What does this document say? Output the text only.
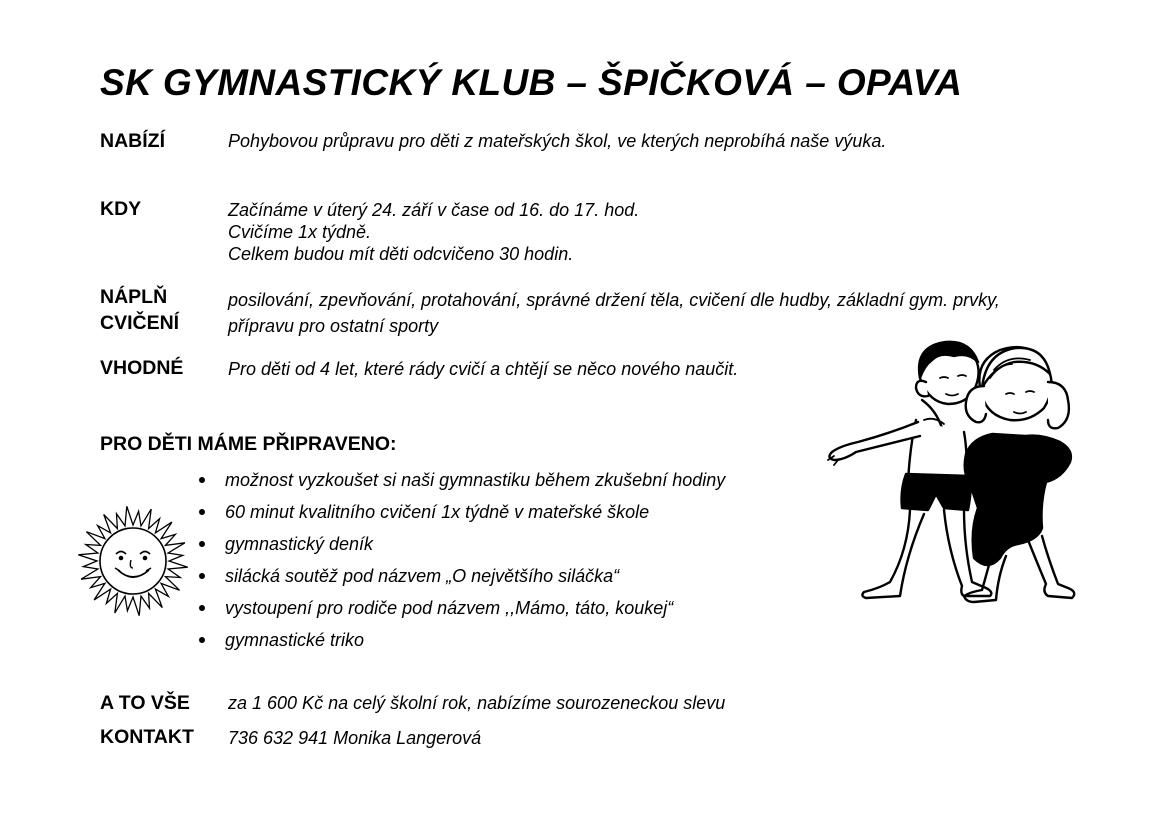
SK GYMNASTICKÝ KLUB – ŠPIČKOVÁ – OPAVA
NABÍZÍ	Pohybovou průpravu pro děti z mateřských škol, ve kterých neprobíhá naše výuka.
KDY	Začínáme v úterý 24. září v čase od 16. do 17. hod.
Cvičíme 1x týdně.
Celkem budou mít děti odcvičeno 30 hodin.
NÁPLŇ
CVIČENÍ
posilování, zpevňování, protahování, správné držení těla, cvičení dle hudby, základní gym. prvky,
přípravu pro ostatní sporty
VHODNÉ Pro děti od 4 let, které rády cvičí a chtějí se něco nového naučit.
PRO DĚTI MÁME PŘIPRAVENO:
možnost vyzkoušet si naši gymnastiku během zkušební hodiny
60 minut kvalitního cvičení 1x týdně v mateřské škole
gymnastický deník
silácká soutěž pod názvem „O největšího siláčka“
vystoupení pro rodiče pod názvem ,,Mámo, táto, koukej“
gymnastické triko
A TO VŠE za 1 600 Kč na celý školní rok, nabízíme sourozeneckou slevu
KONTAKT 736 632 941 Monika Langerová
